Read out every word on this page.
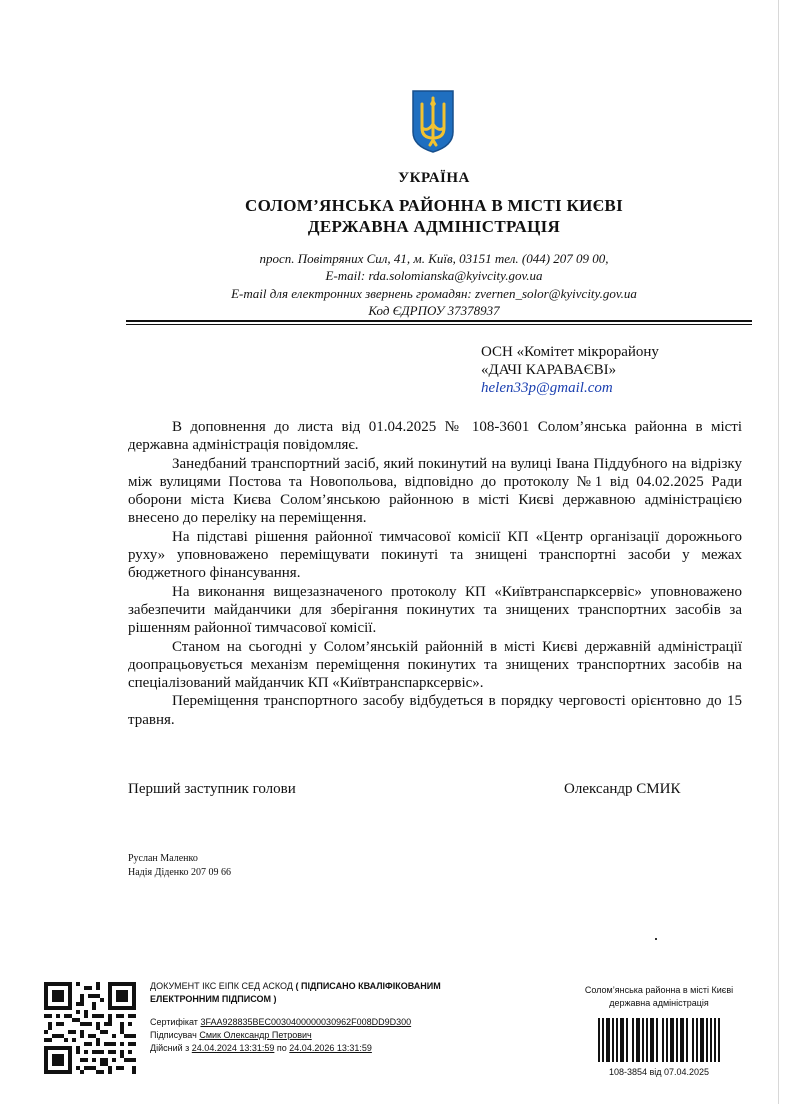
УКРАЇНА
СОЛОМ’ЯНСЬКА РАЙОННА В МІСТІ КИЄВІ
ДЕРЖАВНА АДМІНІСТРАЦІЯ
просп. Повітряних Сил, 41, м. Київ, 03151 тел. (044) 207 09 00,
E-mail: rda.solomianska@kyivcity.gov.ua
E-mail для електронних звернень громадян: zvernen_solor@kyivcity.gov.ua
Код ЄДРПОУ 37378937
ОСН «Комітет мікрорайону
«ДАЧІ КАРАВАЄВІ»
helen33p@gmail.com

В доповнення до листа від 01.04.2025 № 108-3601 Солом’янська районна в місті державна адміністрація повідомляє.

Занедбаний транспортний засіб, який покинутий на вулиці Івана Піддубного на відрізку між вулицями Постова та Новопольова, відповідно до протоколу №1 від 04.02.2025 Ради оборони міста Києва Солом’янською районною в місті Києві державною адміністрацією внесено до переліку на переміщення.

На підставі рішення районної тимчасової комісії КП «Центр організації дорожнього руху» уповноважено переміщувати покинуті та знищені транспортні засоби у межах бюджетного фінансування.

На виконання вищезазначеного протоколу КП «Київтранспарксервіс» уповноважено забезпечити майданчики для зберігання покинутих та знищених транспортних засобів за рішенням районної тимчасової комісії.

Станом на сьогодні у Солом’янській районній в місті Києві державній адміністрації доопрацьовується механізм переміщення покинутих та знищених транспортних засобів на спеціалізований майданчик КП «Київтранспарксервіс».

Переміщення транспортного засобу відбудеться в порядку черговості орієнтовно до 15 травня.

Перший заступник голови	Олександр СМИК
Руслан Маленко
Надія Діденко 207 09 66
ДОКУМЕНТ ІКС ЕІПК СЕД АСКОД ( ПІДПИСАНО КВАЛІФІКОВАНИМ
ЕЛЕКТРОННИМ ПІДПИСОМ )
Сертифікат 3FAA928835BEC0030400000030962F008DD9D300
Підписувач Смик Олександр Петрович
Дійсний з 24.04.2024 13:31:59 по 24.04.2026 13:31:59
Солом’янська районна в місті Києві
державна адміністрація
108-3854 від 07.04.2025
